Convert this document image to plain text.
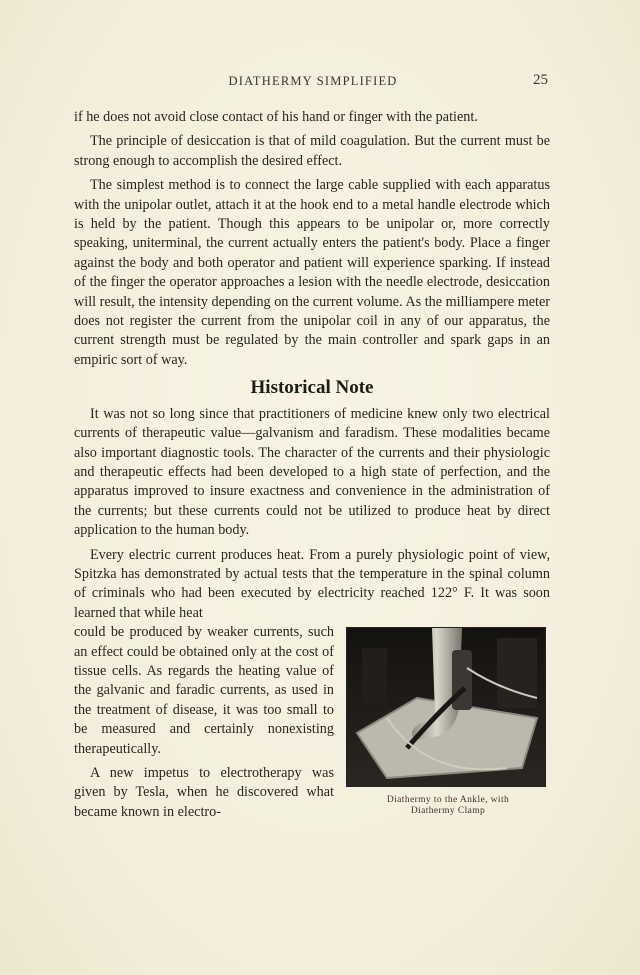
DIATHERMY SIMPLIFIED	25

if he does not avoid close contact of his hand or finger with the patient.

The principle of desiccation is that of mild coagulation. But the current must be strong enough to accomplish the desired effect.

The simplest method is to connect the large cable supplied with each apparatus with the unipolar outlet, attach it at the hook end to a metal handle electrode which is held by the patient. Though this appears to be unipolar or, more correctly speaking, uniterminal, the current actually enters the patient's body. Place a finger against the body and both operator and patient will experience sparking. If instead of the finger the operator approaches a lesion with the needle electrode, desiccation will result, the intensity depending on the current volume. As the milliampere meter does not register the current from the unipolar coil in any of our apparatus, the current strength must be regulated by the main controller and spark gaps in an empiric sort of way.

Historical Note

It was not so long since that practitioners of medicine knew only two electrical currents of therapeutic value—galvanism and faradism. These modalities became also important diagnostic tools. The character of the currents and their physiologic and therapeutic effects had been developed to a high state of perfection, and the apparatus improved to insure exactness and convenience in the administration of the currents; but these currents could not be utilized to produce heat by direct application to the human body.

Every electric current produces heat. From a purely physiologic point of view, Spitzka has demonstrated by actual tests that the temperature in the spinal column of criminals who had been executed by electricity reached 122° F. It was soon learned that while heat

Diathermy to the Ankle, with
Diathermy Clamp

could be produced by weaker currents, such an effect could be obtained only at the cost of tissue cells. As regards the heating value of the galvanic and faradic currents, as used in the treatment of disease, it was too small to be measured and certainly nonexisting therapeutically.

A new impetus to electrotherapy was given by Tesla, when he discovered what became known in electro-
